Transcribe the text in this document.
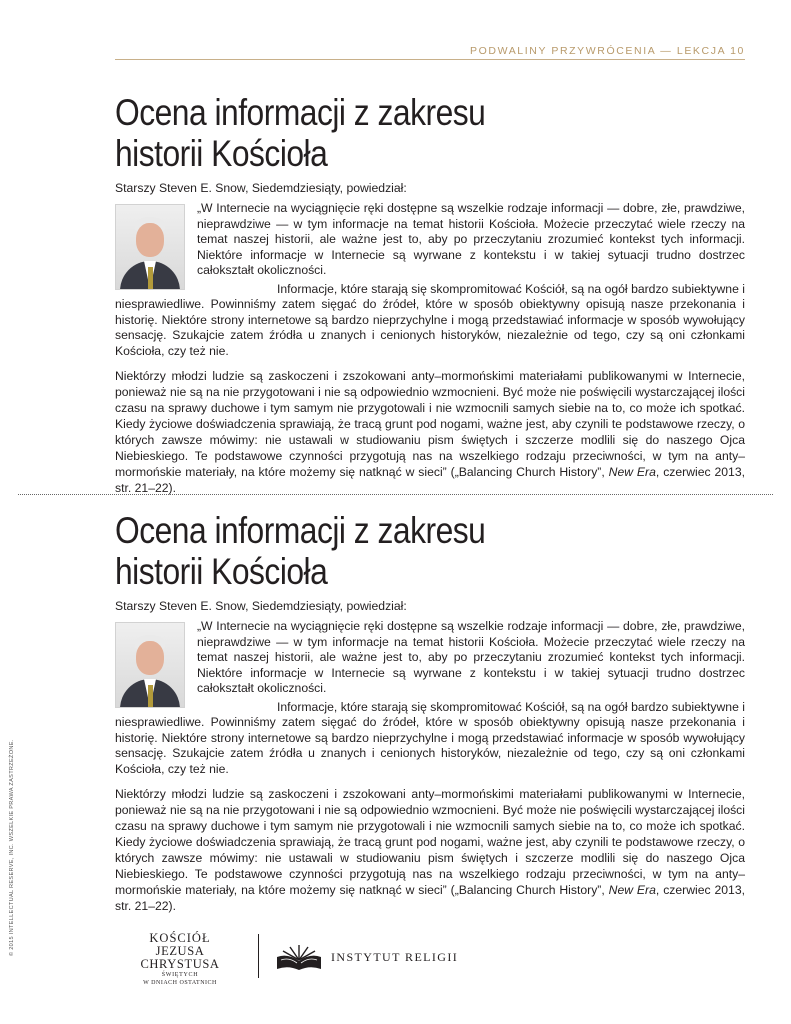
PODWALINY PRZYWRÓCENIA — LEKCJA 10
Ocena informacji z zakresu
historii Kościoła
Starszy Steven E. Snow, Siedemdziesiąty, powiedział:

„W Internecie na wyciągnięcie ręki dostępne są wszelkie rodzaje informacji — dobre, złe, prawdziwe, nieprawdziwe — w tym informacje na temat historii Kościoła. Możecie przeczytać wiele rzeczy na temat naszej historii, ale ważne jest to, aby po przeczytaniu zrozumieć kontekst tych informacji. Niektóre informacje w Internecie są wyrwane z kontekstu i w takiej sytuacji trudno dostrzec całokształt okoliczności.

Informacje, które starają się skompromitować Kościół, są na ogół bardzo subiektywne i niesprawiedliwe. Powinniśmy zatem sięgać do źródeł, które w sposób obiektywny opisują nasze przekonania i historię. Niektóre strony internetowe są bardzo nieprzychylne i mogą przedstawiać informacje w sposób wywołujący sensację. Szukajcie zatem źródła u znanych i cenionych historyków, niezależnie od tego, czy są oni członkami Kościoła, czy też nie.

Niektórzy młodzi ludzie są zaskoczeni i zszokowani anty–mormońskimi materiałami publikowanymi w Internecie, ponieważ nie są na nie przygotowani i nie są odpowiednio wzmocnieni. Być może nie poświęcili wystarczającej ilości czasu na sprawy duchowe i tym samym nie przygotowali i nie wzmocnili samych siebie na to, co może ich spotkać. Kiedy życiowe doświadczenia sprawiają, że tracą grunt pod nogami, ważne jest, aby czynili te podstawowe rzeczy, o których zawsze mówimy: nie ustawali w studiowaniu pism świętych i szczerze modlili się do naszego Ojca Niebieskiego. Te podstawowe czynności przygotują nas na wszelkiego rodzaju przeciwności, w tym na anty–mormońskie materiały, na które możemy się natknąć w sieci” („Balancing Church History”, New Era, czerwiec 2013, str. 21–22).
Ocena informacji z zakresu
historii Kościoła
Starszy Steven E. Snow, Siedemdziesiąty, powiedział:

„W Internecie na wyciągnięcie ręki dostępne są wszelkie rodzaje informacji — dobre, złe, prawdziwe, nieprawdziwe — w tym informacje na temat historii Kościoła. Możecie przeczytać wiele rzeczy na temat naszej historii, ale ważne jest to, aby po przeczytaniu zrozumieć kontekst tych informacji. Niektóre informacje w Internecie są wyrwane z kontekstu i w takiej sytuacji trudno dostrzec całokształt okoliczności.

Informacje, które starają się skompromitować Kościół, są na ogół bardzo subiektywne i niesprawiedliwe. Powinniśmy zatem sięgać do źródeł, które w sposób obiektywny opisują nasze przekonania i historię. Niektóre strony internetowe są bardzo nieprzychylne i mogą przedstawiać informacje w sposób wywołujący sensację. Szukajcie zatem źródła u znanych i cenionych historyków, niezależnie od tego, czy są oni członkami Kościoła, czy też nie.

Niektórzy młodzi ludzie są zaskoczeni i zszokowani anty–mormońskimi materiałami publikowanymi w Internecie, ponieważ nie są na nie przygotowani i nie są odpowiednio wzmocnieni. Być może nie poświęcili wystarczającej ilości czasu na sprawy duchowe i tym samym nie przygotowali i nie wzmocnili samych siebie na to, co może ich spotkać. Kiedy życiowe doświadczenia sprawiają, że tracą grunt pod nogami, ważne jest, aby czynili te podstawowe rzeczy, o których zawsze mówimy: nie ustawali w studiowaniu pism świętych i szczerze modlili się do naszego Ojca Niebieskiego. Te podstawowe czynności przygotują nas na wszelkiego rodzaju przeciwności, w tym na anty–mormońskie materiały, na które możemy się natknąć w sieci” („Balancing Church History”, New Era, czerwiec 2013, str. 21–22).
© 2015 INTELLECTUAL RESERVE, INC. WSZELKIE PRAWA ZASTRZEŻONE.	KOŚCIÓŁ
JEZUSA CHRYSTUSA
ŚWIĘTYCH
W DNIACH OSTATNICH
INSTYTUT RELIGII
